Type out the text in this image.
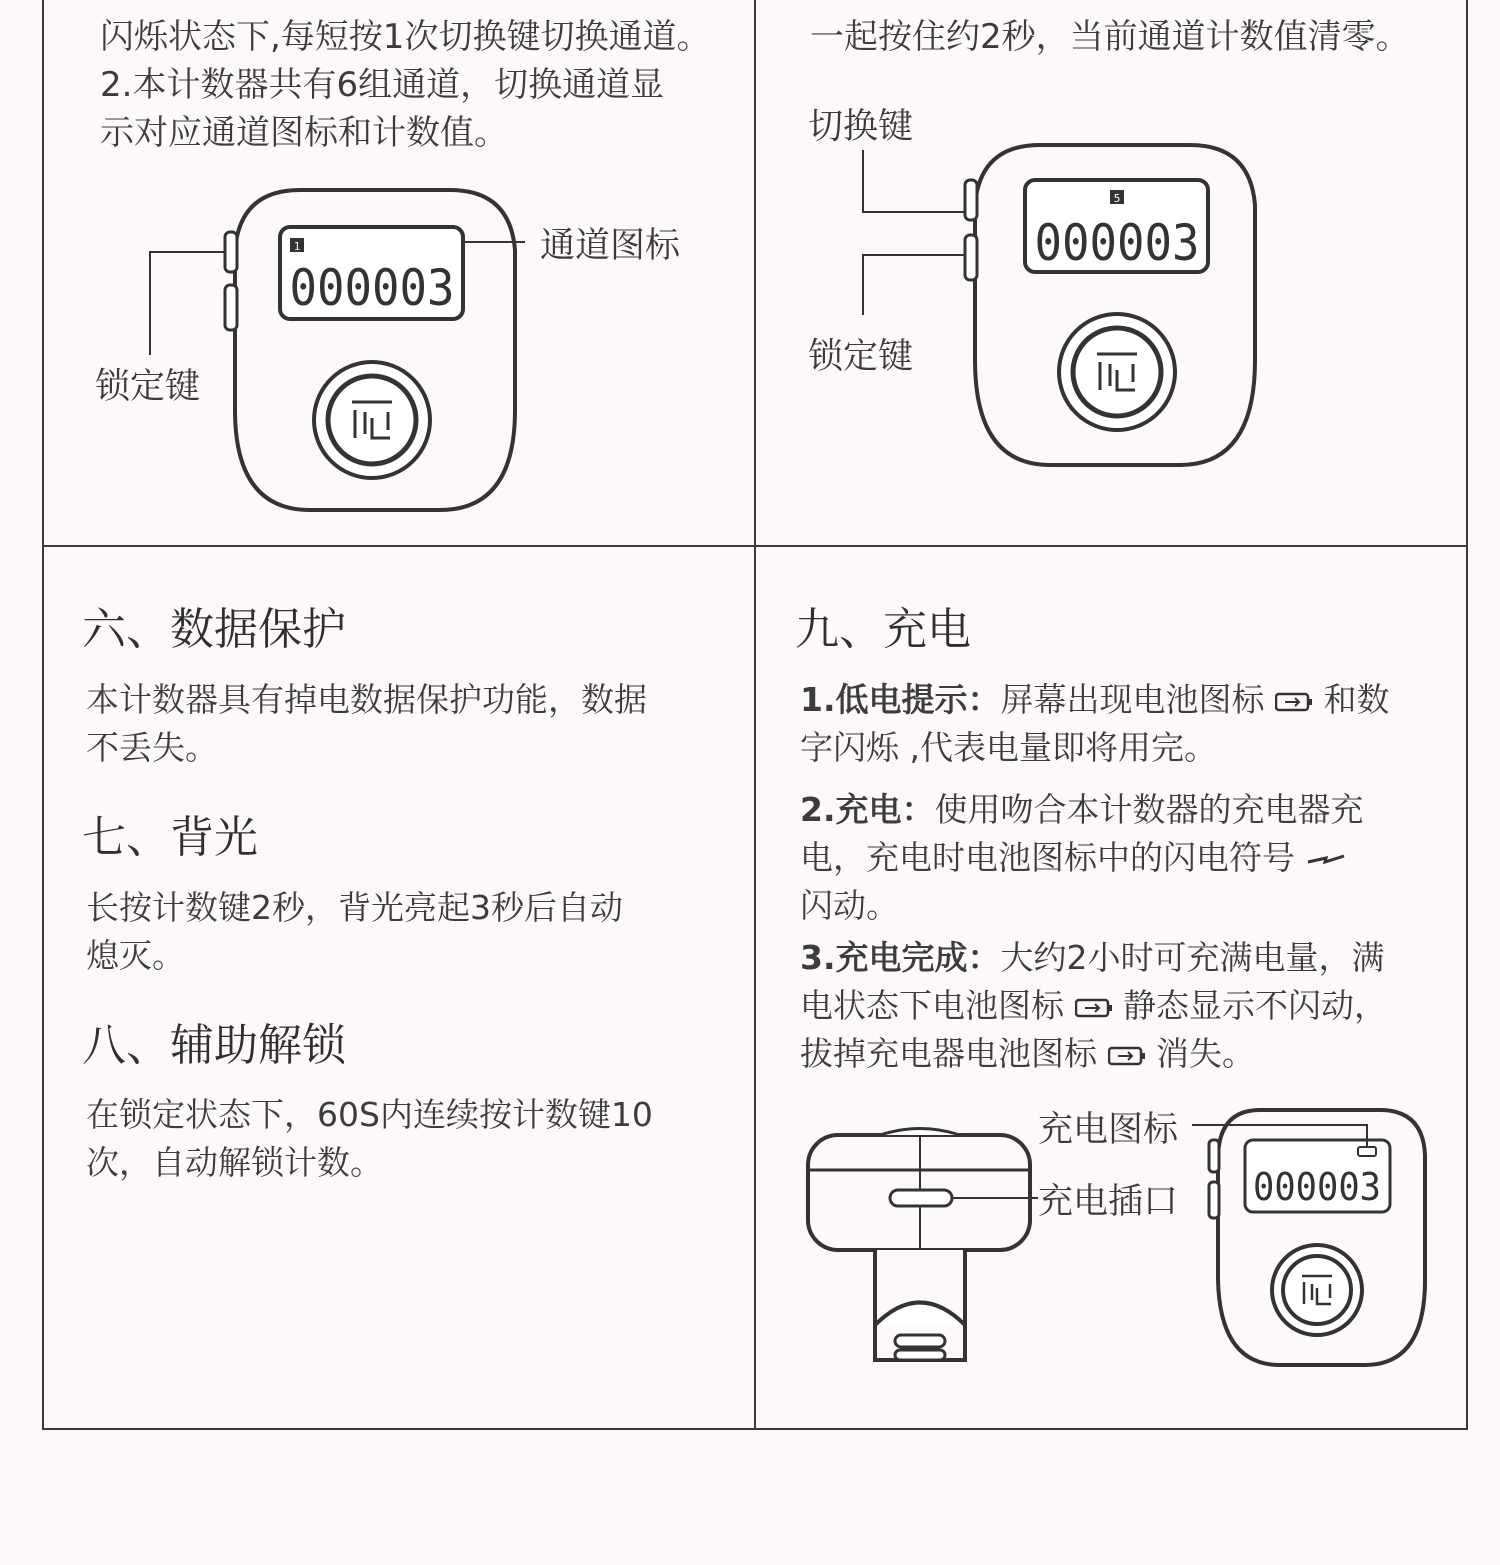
闪烁状态下,每短按1次切换键切换通道。
2.本计数器共有6组通道，切换通道显
示对应通道图标和计数值。
1
000003
通道图标
锁定键
一起按住约2秒，当前通道计数值清零。
切换键
锁定键
5
000003
六、数据保护
本计数器具有掉电数据保护功能，数据
不丢失。
七、背光
长按计数键2秒，背光亮起3秒后自动
熄灭。
八、辅助解锁
在锁定状态下，60S内连续按计数键10
次，自动解锁计数。
九、充电
1.低电提示：屏幕出现电池图标 和数
字闪烁 ,代表电量即将用完。
2.充电：使用吻合本计数器的充电器充
电，充电时电池图标中的闪电符号
闪动。
3.充电完成：大约2小时可充满电量，满
电状态下电池图标 静态显示不闪动，
拔掉充电器电池图标 消失。
充电图标
充电插口 000003
